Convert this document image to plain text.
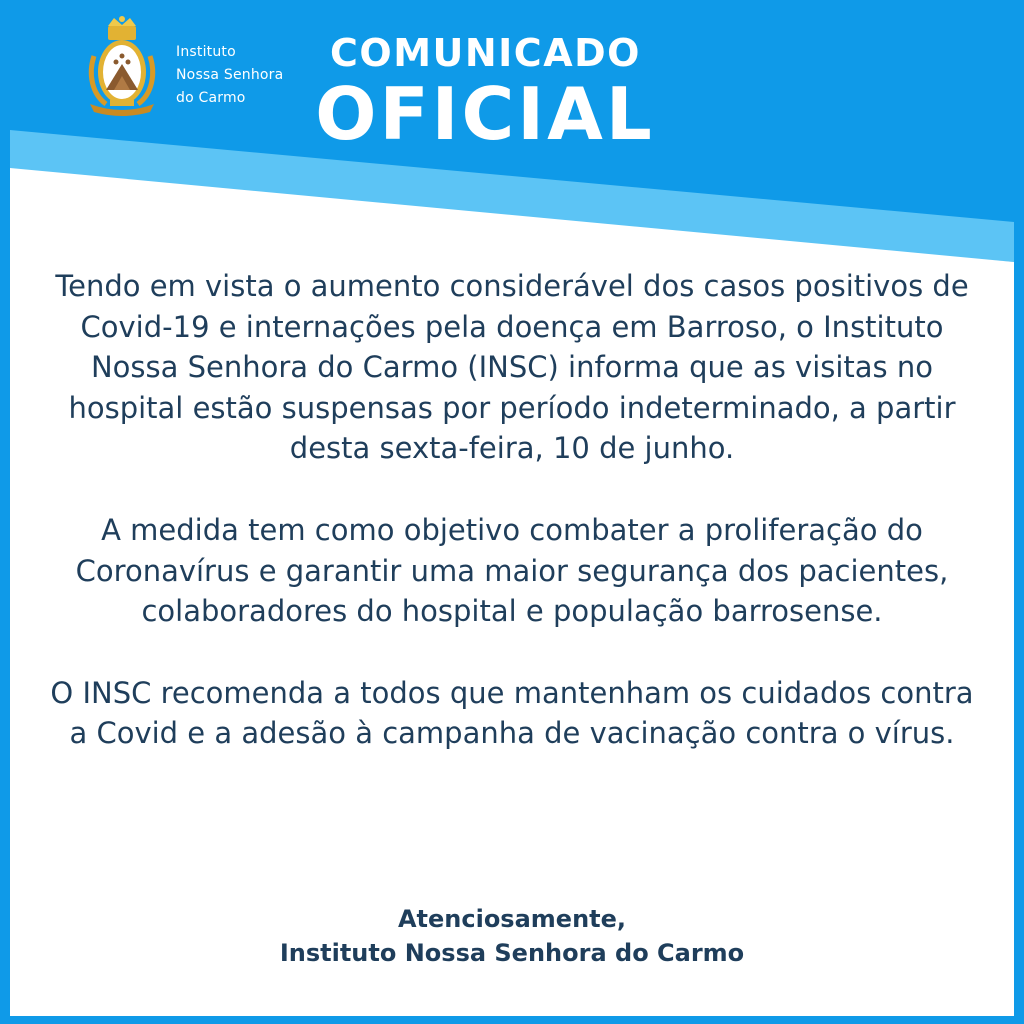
Instituto
Nossa Senhora
do Carmo
COMUNICADO
OFICIAL

Tendo em vista o aumento considerável dos casos positivos de Covid-19 e internações pela doença em Barroso, o Instituto Nossa Senhora do Carmo (INSC) informa que as visitas no hospital estão suspensas por período indeterminado, a partir desta sexta-feira, 10 de junho.

A medida tem como objetivo combater a proliferação do Coronavírus e garantir uma maior segurança dos pacientes, colaboradores do hospital e população barrosense.

O INSC recomenda a todos que mantenham os cuidados contra a Covid e a adesão à campanha de vacinação contra o vírus.

Atenciosamente,
Instituto Nossa Senhora do Carmo
